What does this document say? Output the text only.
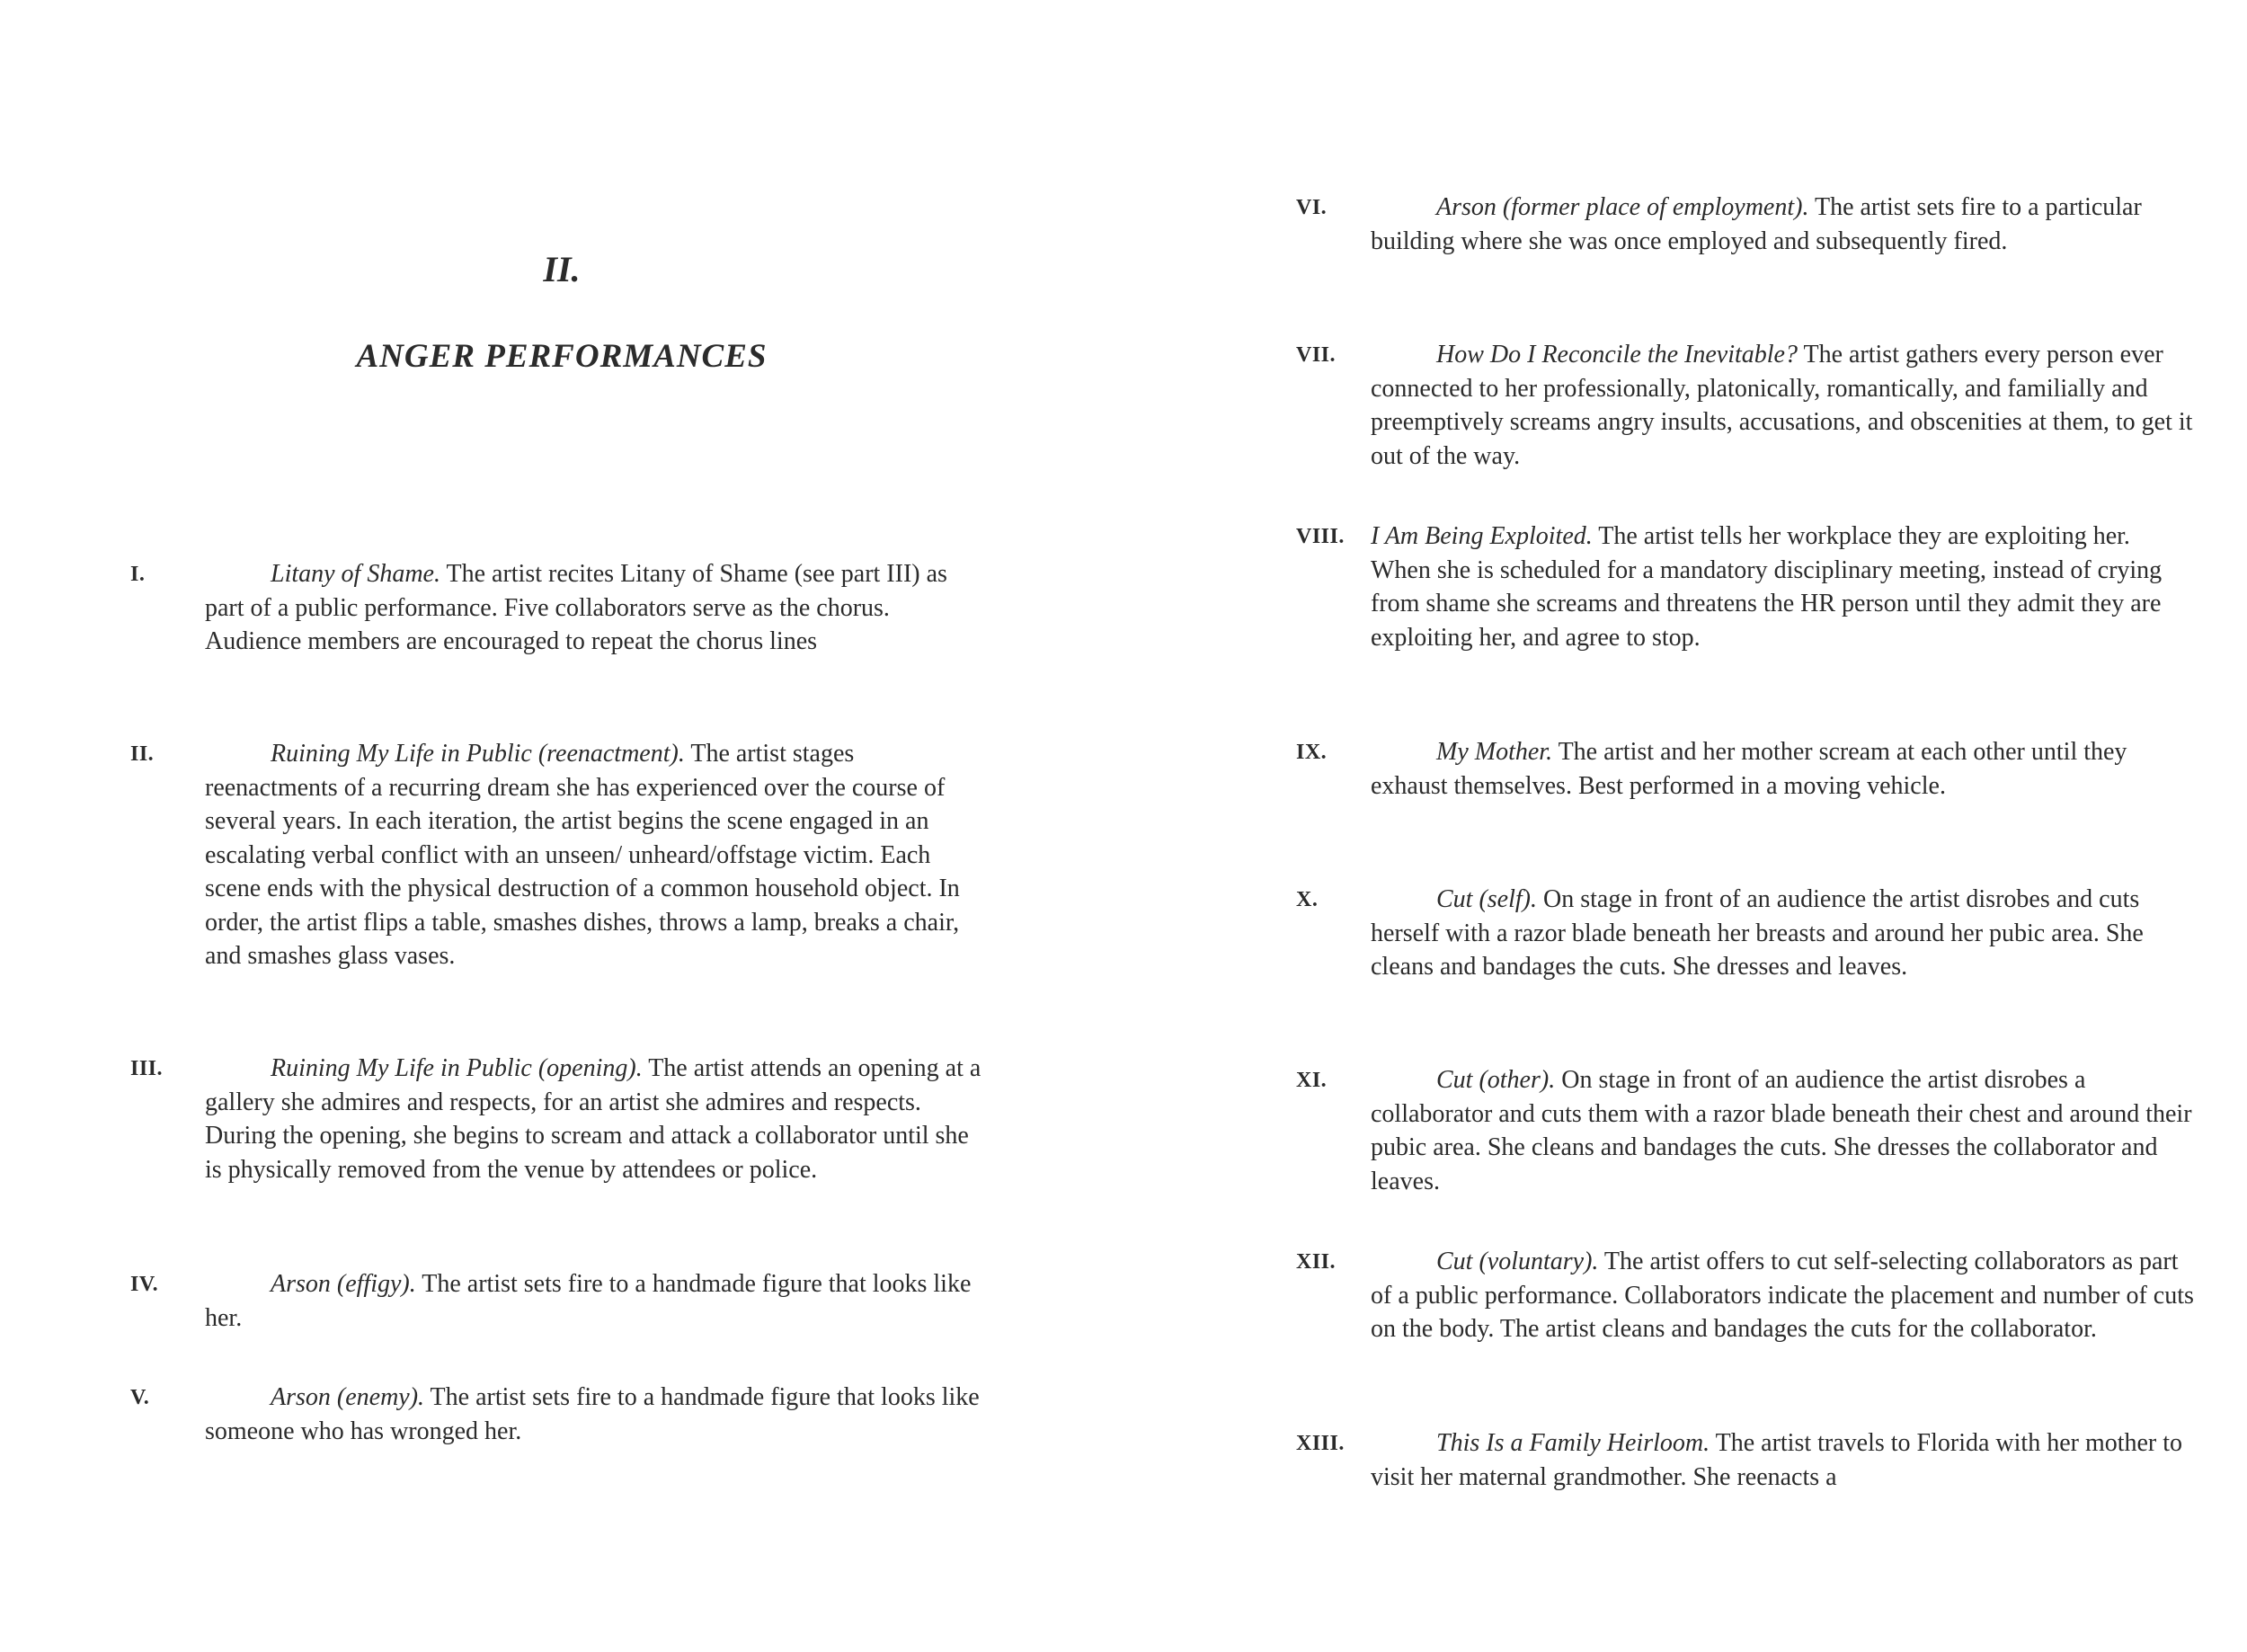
II.
ANGER PERFORMANCES
I.	Litany of Shame. The artist recites Litany of Shame (see part III) as part of a public performance. Five collaborators serve as the chorus. Audience members are encouraged to repeat the chorus lines
II.	Ruining My Life in Public (reenactment). The artist stages reenactments of a recurring dream she has experienced over the course of several years. In each iteration, the artist begins the scene engaged in an escalating verbal conflict with an unseen/ unheard/offstage victim. Each scene ends with the physical destruction of a common household object. In order, the artist flips a table, smashes dishes, throws a lamp, breaks a chair, and smashes glass vases.
III.	Ruining My Life in Public (opening). The artist attends an opening at a gallery she admires and respects, for an artist she admires and respects. During the opening, she begins to scream and attack a collaborator until she is physically removed from the venue by attendees or police.
IV.	Arson (effigy). The artist sets fire to a handmade figure that looks like her.
V.	Arson (enemy). The artist sets fire to a handmade figure that looks like someone who has wronged her.
VI.	Arson (former place of employment). The artist sets fire to a particular building where she was once employed and subsequently fired.
VII.	How Do I Reconcile the Inevitable? The artist gathers every person ever connected to her professionally, platonically, romantically, and familially and preemptively screams angry insults, accusations, and obscenities at them, to get it out of the way.
VIII. I Am Being Exploited. The artist tells her workplace they are exploiting her. When she is scheduled for a mandatory disciplinary meeting, instead of crying from shame she screams and threatens the HR person until they admit they are exploiting her, and agree to stop.
IX.	My Mother. The artist and her mother scream at each other until they exhaust themselves. Best performed in a moving vehicle.
X.	Cut (self). On stage in front of an audience the artist disrobes and cuts herself with a razor blade beneath her breasts and around her pubic area. She cleans and bandages the cuts. She dresses and leaves.
XI.	Cut (other). On stage in front of an audience the artist disrobes a collaborator and cuts them with a razor blade beneath their chest and around their pubic area. She cleans and bandages the cuts. She dresses the collaborator and leaves.
XII.	Cut (voluntary). The artist offers to cut self-selecting collaborators as part of a public performance. Collaborators indicate the placement and number of cuts on the body. The artist cleans and bandages the cuts for the collaborator.
XIII.	This Is a Family Heirloom. The artist travels to Florida with her mother to visit her maternal grandmother. She reenacts a
